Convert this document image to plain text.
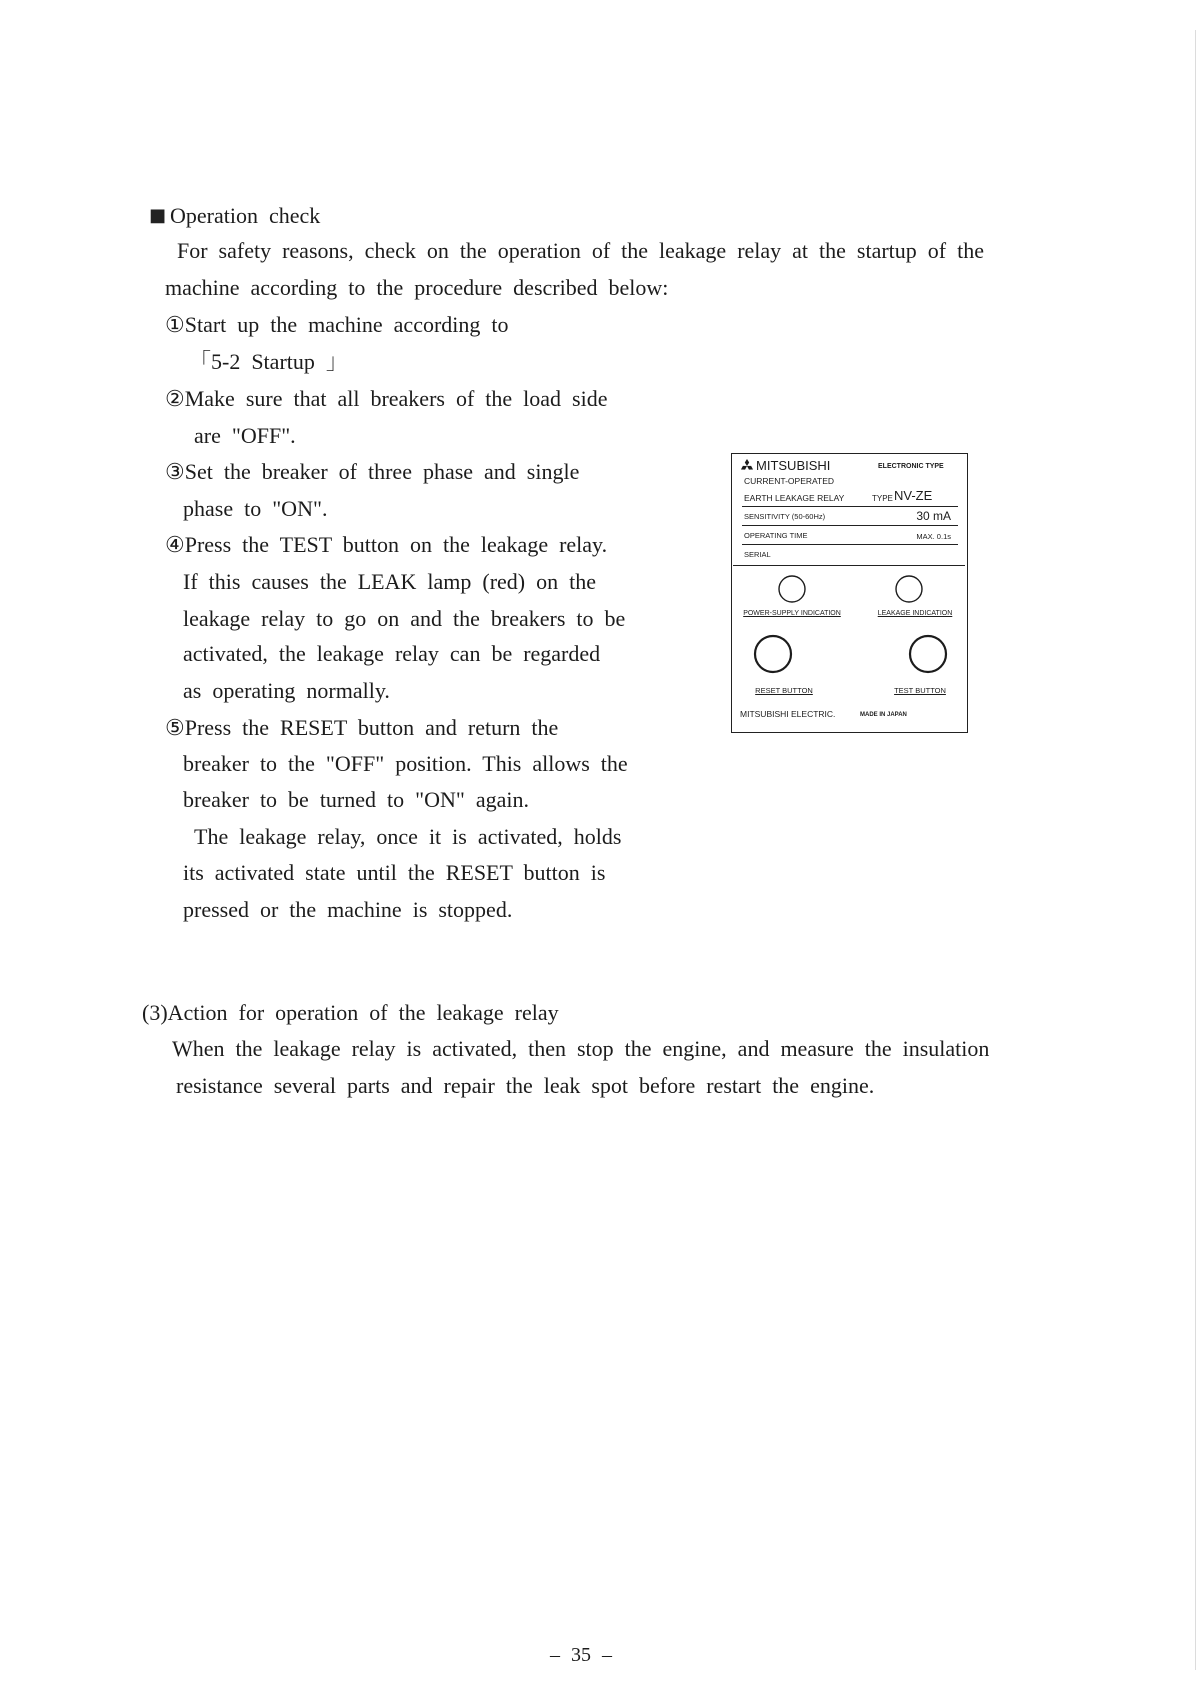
■ Operation check
For safety reasons, check on the operation of the leakage relay at the startup of the
machine according to the procedure described below:
①Start up the machine according to
「5-2 Startup 」
②Make sure that all breakers of the load side
are "OFF".
③Set the breaker of three phase and single
phase to "ON".
④Press the TEST button on the leakage relay.
If this causes the LEAK lamp (red) on the
leakage relay to go on and the breakers to be
activated, the leakage relay can be regarded
as operating normally.
⑤Press the RESET button and return the
breaker to the "OFF" position. This allows the
breaker to be turned to "ON" again.
The leakage relay, once it is activated, holds
its activated state until the RESET button is
pressed or the machine is stopped.
MITSUBISHI	ELECTRONIC TYPE
CURRENT-OPERATED
EARTH LEAKAGE RELAY	TYPE NV-ZE
SENSITIVITY (50-60Hz)	30 mA
OPERATING TIME	MAX. 0.1s
SERIAL
POWER-SUPPLY INDICATION	LEAKAGE INDICATION
RESET BUTTON	TEST BUTTON
MITSUBISHI ELECTRIC.	MADE IN JAPAN
(3)Action for operation of the leakage relay
When the leakage relay is activated, then stop the engine, and measure the insulation
resistance several parts and repair the leak spot before restart the engine.
– 35 –
